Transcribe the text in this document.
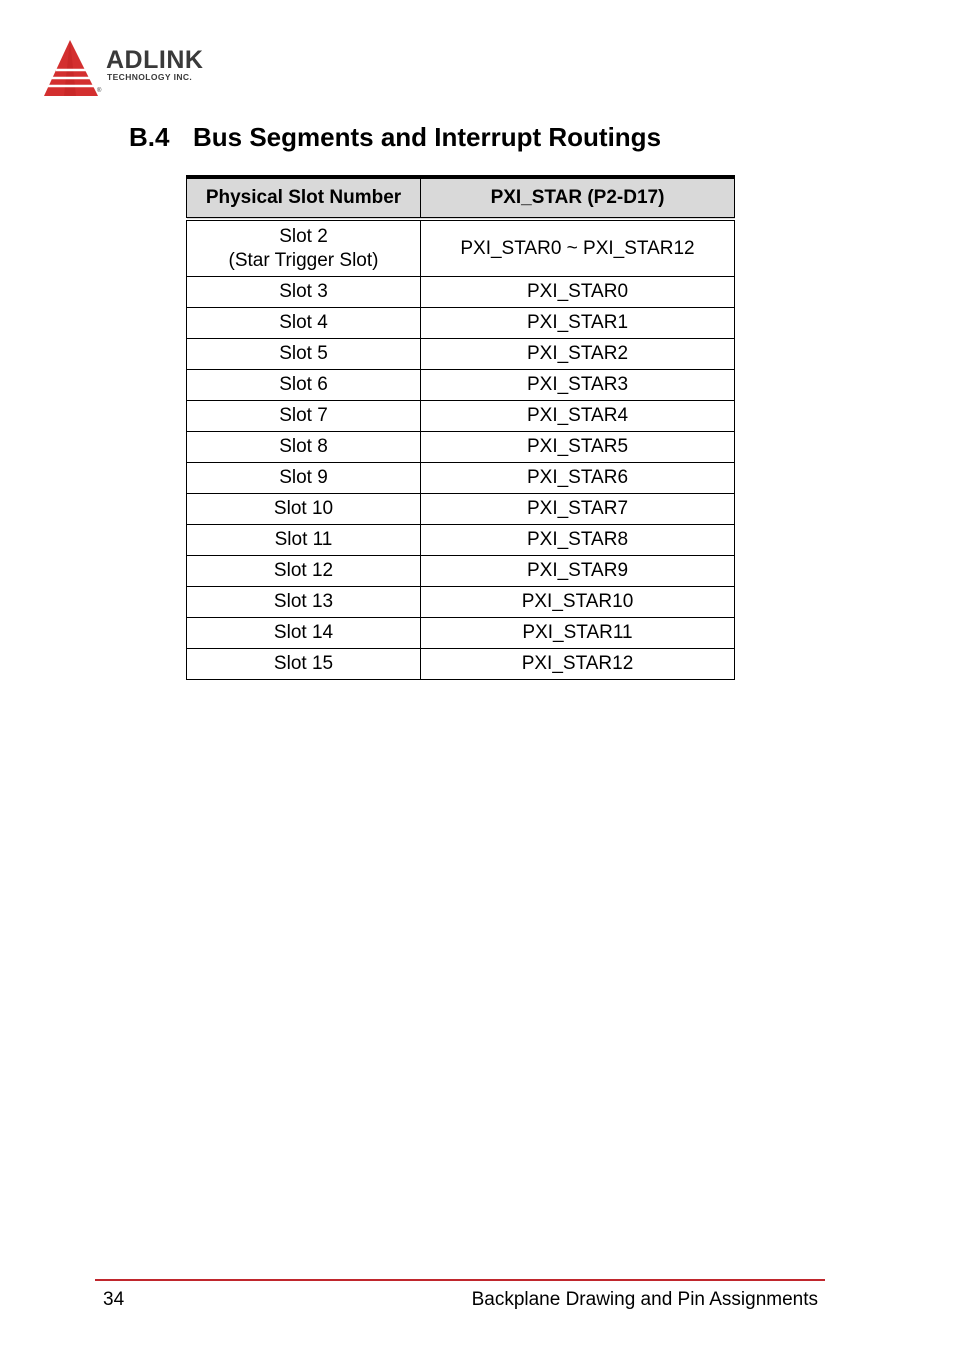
ADLINK
TECHNOLOGY INC.
®
B.4 Bus Segments and Interrupt Routings
Physical Slot Number	PXI_STAR (P2-D17)
Slot 2
(Star Trigger Slot)	PXI_STAR0 ~ PXI_STAR12
Slot 3	PXI_STAR0
Slot 4	PXI_STAR1
Slot 5	PXI_STAR2
Slot 6	PXI_STAR3
Slot 7	PXI_STAR4
Slot 8	PXI_STAR5
Slot 9	PXI_STAR6
Slot 10	PXI_STAR7
Slot 11	PXI_STAR8
Slot 12	PXI_STAR9
Slot 13	PXI_STAR10
Slot 14	PXI_STAR11
Slot 15	PXI_STAR12
34	Backplane Drawing and Pin Assignments
